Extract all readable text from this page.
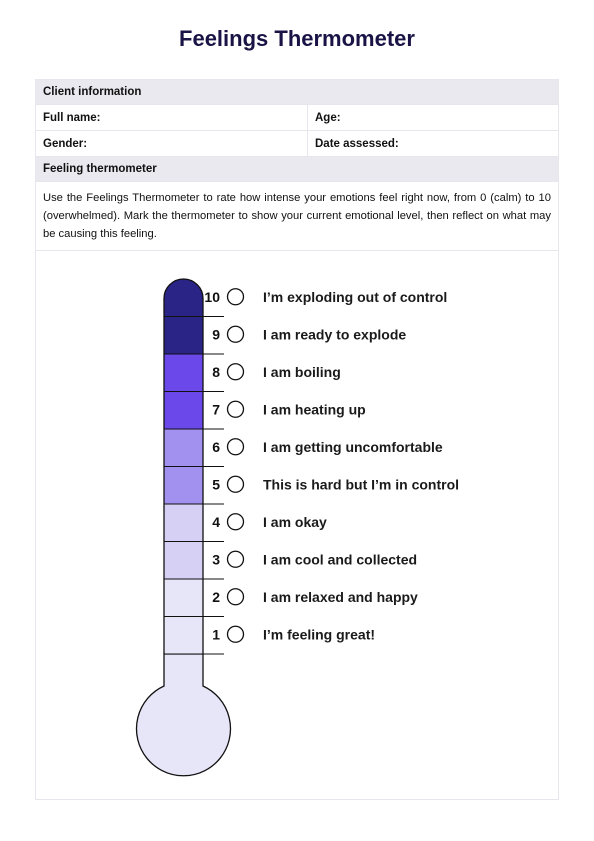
Feelings Thermometer
Client information
Full name:	Age:
Gender:	Date assessed:
Feeling thermometer
Use the Feelings Thermometer to rate how intense your emotions feel right now, from 0 (calm) to 10 (overwhelmed). Mark the thermometer to show your current emotional level, then reflect on what may be causing this feeling.
10	I’m exploding out of control
9	I am ready to explode
8	I am boiling
7	I am heating up
6	I am getting uncomfortable
5	This is hard but I’m in control
4	I am okay
3	I am cool and collected
2	I am relaxed and happy
1	I’m feeling great!
